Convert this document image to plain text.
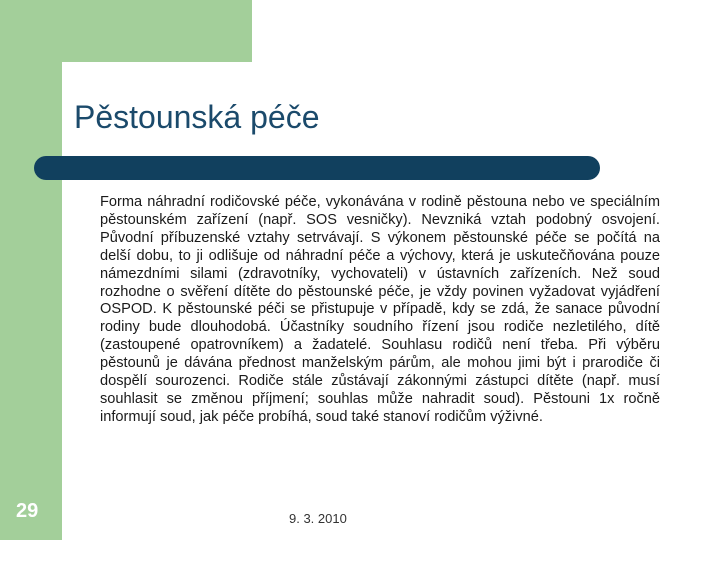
Pěstounská péče

Forma náhradní rodičovské péče, vykonávána v rodině pěstouna nebo ve speciálním pěstounském zařízení (např. SOS vesničky). Nevzniká vztah podobný osvojení. Původní příbuzenské vztahy setrvávají. S výkonem pěstounské péče se počítá na delší dobu, to ji odlišuje od náhradní péče a výchovy, která je uskutečňována pouze námezdními silami (zdravotníky, vychovateli) v ústavních zařízeních. Než soud rozhodne o svěření dítěte do pěstounské péče, je vždy povinen vyžadovat vyjádření OSPOD. K pěstounské péči se přistupuje v případě, kdy se zdá, že sanace původní rodiny bude dlouhodobá. Účastníky soudního řízení jsou rodiče nezletilého, dítě (zastoupené opatrovníkem) a žadatelé. Souhlasu rodičů není třeba. Při výběru pěstounů je dávána přednost manželským párům, ale mohou jimi být i prarodiče či dospělí sourozenci. Rodiče stále zůstávají zákonnými zástupci dítěte (např. musí souhlasit se změnou příjmení; souhlas může nahradit soud). Pěstouni 1x ročně informují soud, jak péče probíhá, soud také stanoví rodičům výživné.

29	9. 3. 2010
